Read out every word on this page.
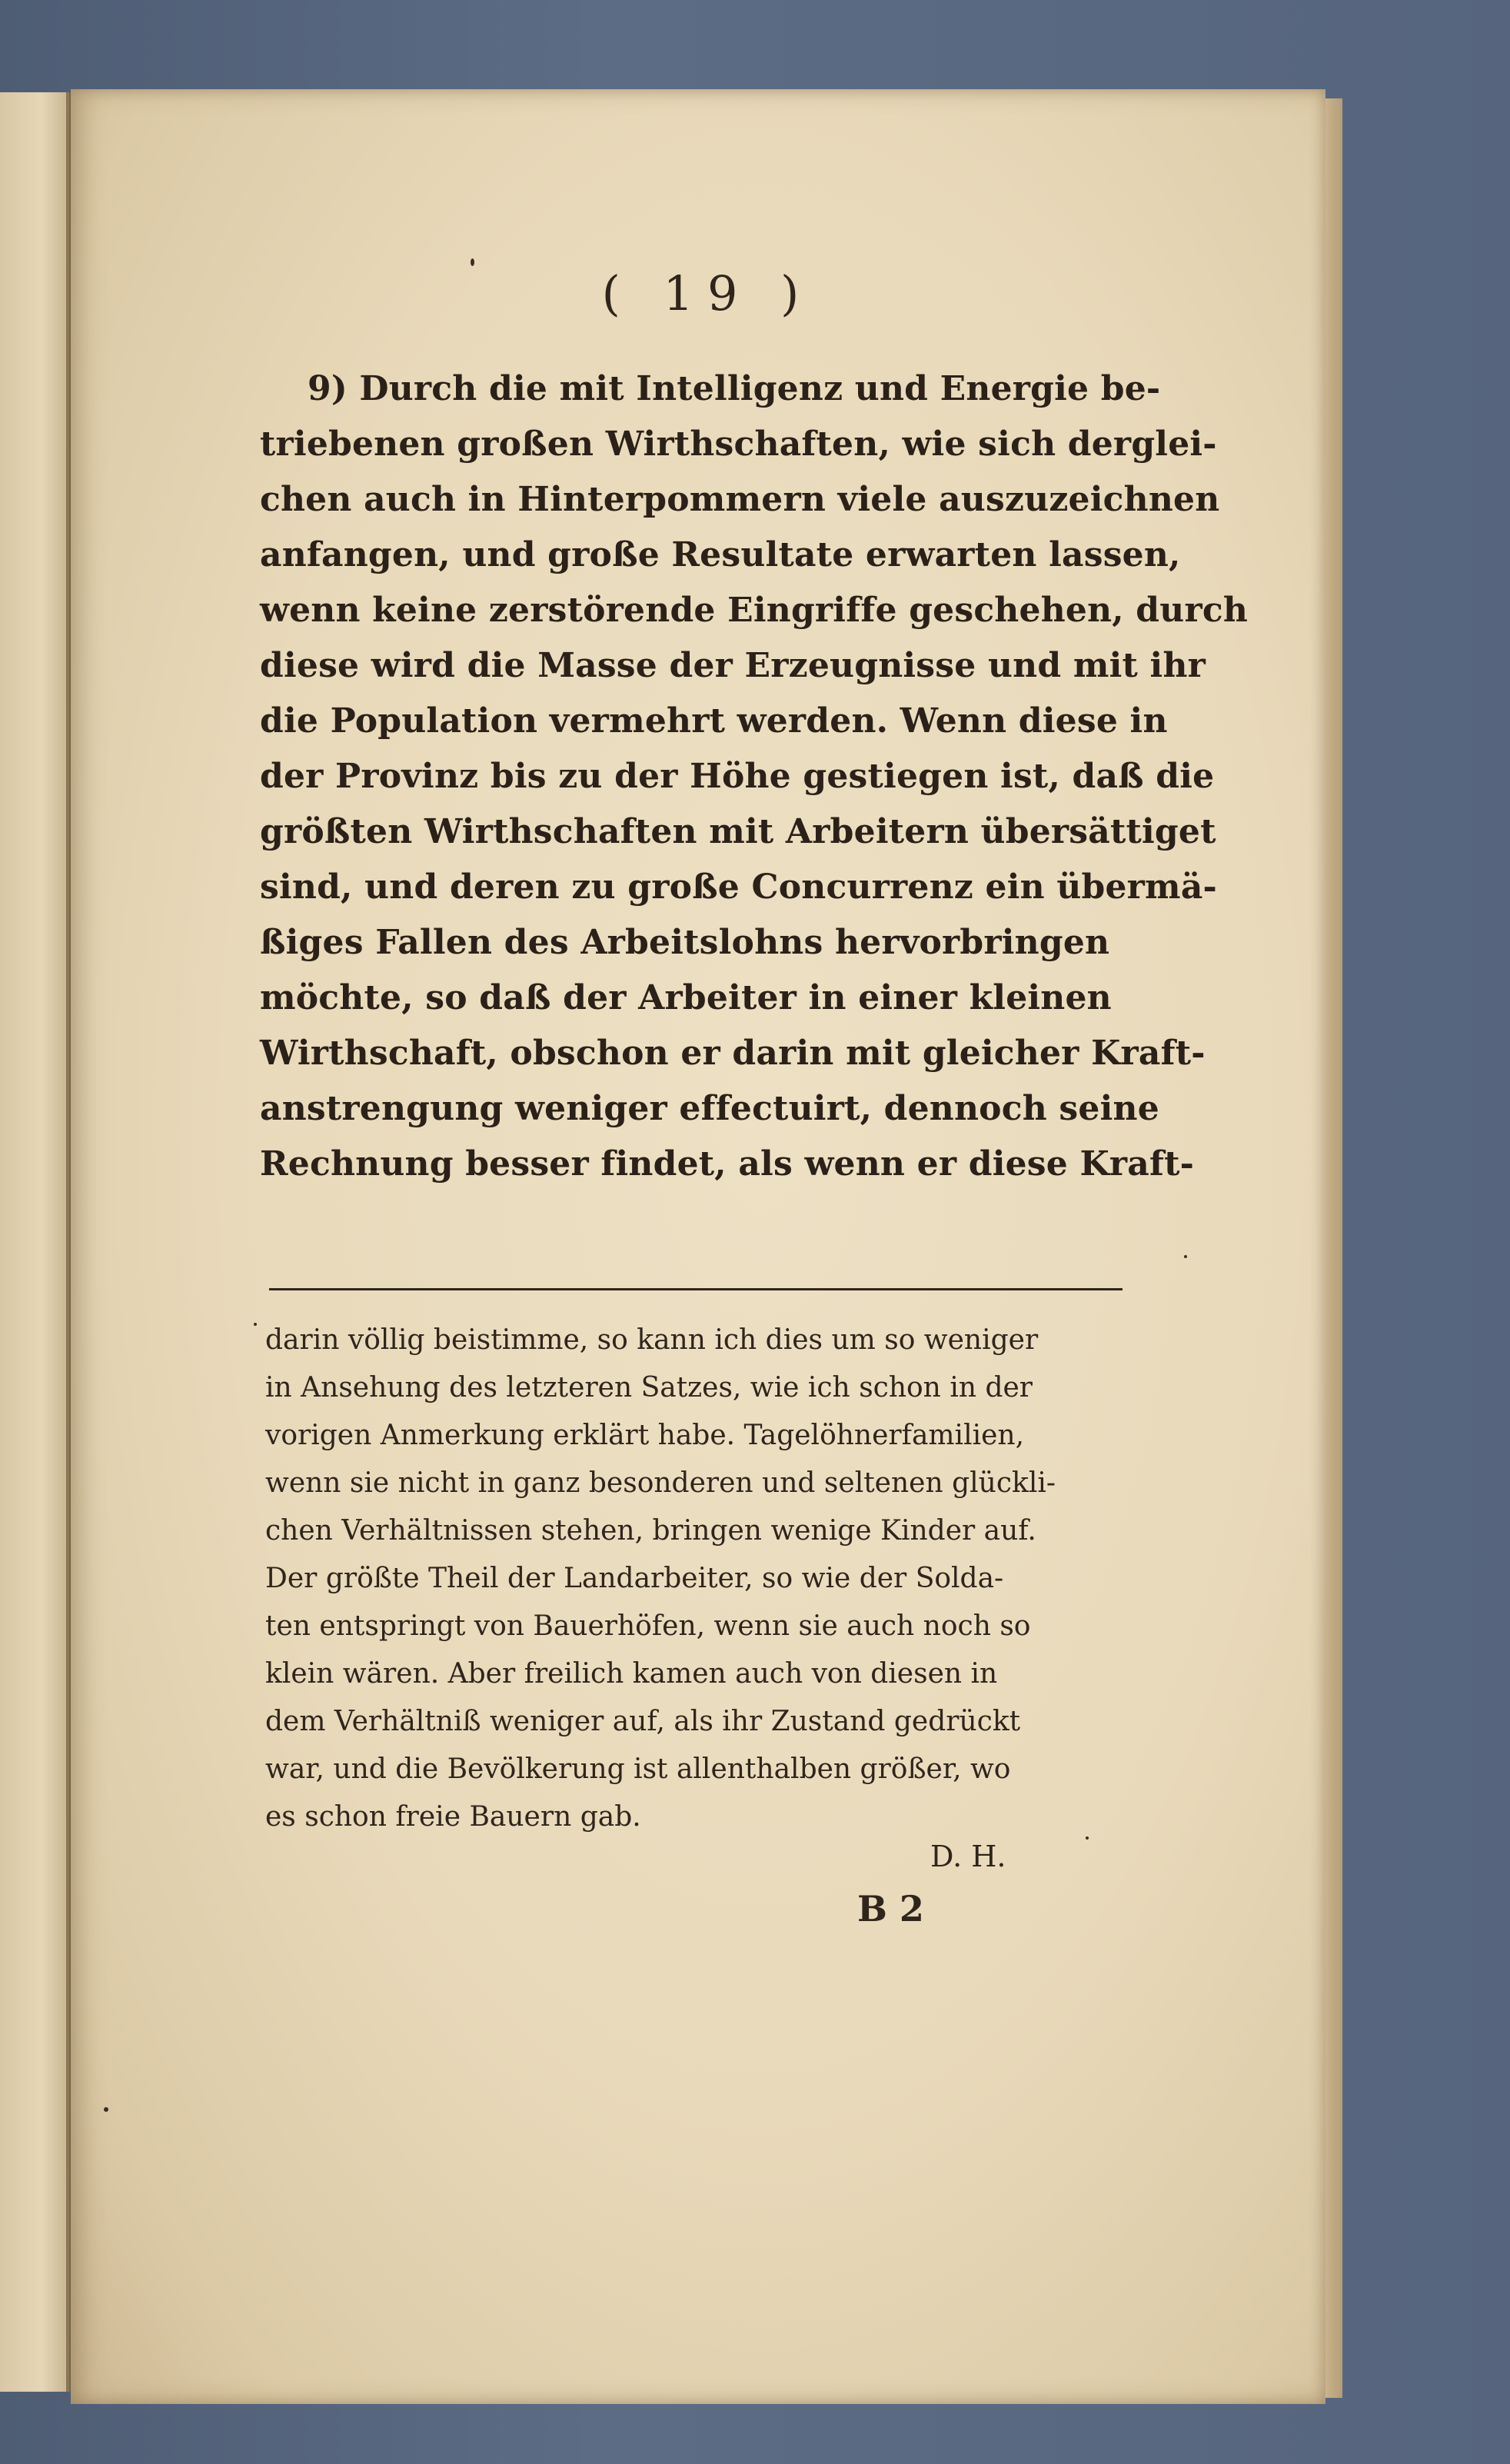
( 19 )
9) Durch die mit Intelligenz und Energie be-
triebenen großen Wirthschaften, wie sich derglei-
chen auch in Hinterpommern viele auszuzeichnen
anfangen, und große Resultate erwarten lassen,
wenn keine zerstörende Eingriffe geschehen, durch
diese wird die Masse der Erzeugnisse und mit ihr
die Population vermehrt werden. Wenn diese in
der Provinz bis zu der Höhe gestiegen ist, daß die
größten Wirthschaften mit Arbeitern übersättiget
sind, und deren zu große Concurrenz ein übermä-
ßiges Fallen des Arbeitslohns hervorbringen
möchte, so daß der Arbeiter in einer kleinen
Wirthschaft, obschon er darin mit gleicher Kraft-
anstrengung weniger effectuirt, dennoch seine
Rechnung besser findet, als wenn er diese Kraft-
darin völlig beistimme, so kann ich dies um so weniger
in Ansehung des letzteren Satzes, wie ich schon in der
vorigen Anmerkung erklärt habe. Tagelöhnerfamilien,
wenn sie nicht in ganz besonderen und seltenen glückli-
chen Verhältnissen stehen, bringen wenige Kinder auf.
Der größte Theil der Landarbeiter, so wie der Solda-
ten entspringt von Bauerhöfen, wenn sie auch noch so
klein wären. Aber freilich kamen auch von diesen in
dem Verhältniß weniger auf, als ihr Zustand gedrückt
war, und die Bevölkerung ist allenthalben größer, wo
es schon freie Bauern gab.
D. H.
B 2
